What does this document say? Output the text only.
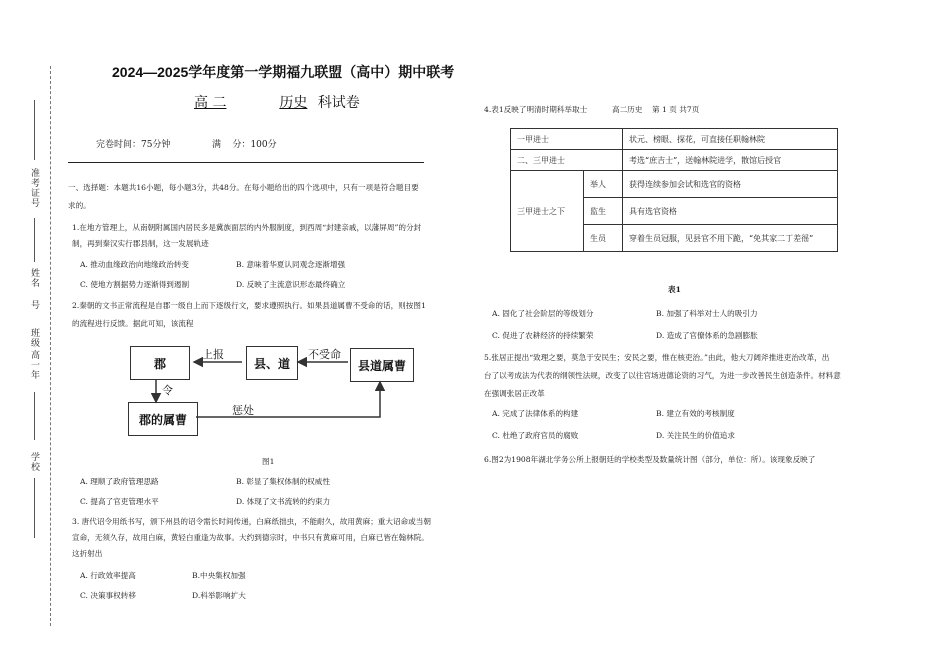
准考证号
姓名
班级
号
高一年
学校
2024—2025学年度第一学期福九联盟（高中）期中联考
高 二	历史 科试卷
完卷时间：75分钟	满    分：100分
一、选择题：本题共16小题，每小题3分，共48分。在每小题给出的四个选项中，只有一项是符合题目要
求的。
1.在地方管理上，从南朝附属国内居民多是冀族面层的内外服制度，到西周“封建亲戚，以藩屏周”的分封
制，再到秦汉实行郡县制，这一发展轨迹
A. 推动血缘政治向地缘政治转变	B. 意味着华夏认同观念逐渐增强
C. 使地方割据势力逐渐得到遏制	D. 反映了主流意识形态最终确立
2.秦朝的文书正常流程是自郡一级自上而下逐级行文，要求遵照执行。如果县道属曹不受命的话，则按图1
的流程进行反馈。据此可知，该流程
郡	县、道	县道属曹
郡的属曹
上报	不受命
令
惩处
图1
A. 理顺了政府管理思路	B. 彰显了集权体制的权威性
C. 提高了官吏管理水平	D. 体现了文书流转的约束力
3. 唐代诏令用纸书写，颁下州县的诏令需长时间传递，白麻纸拙虫，不能耐久，故用黄麻；重大诏命或当朝
宣命，无须久存，故用白麻，黄轻白重逢为故事。大约到德宗时，中书只有黄麻可用，白麻已皆在翰林院。
这折射出
A. 行政效率提高	B.中央集权加强
C. 决策事权转移	D.科举影响扩大
4.表1反映了明清时期科举取士	高二历史    第 1 页 共7页
一甲进士		状元、榜眼、探花，可直接任职翰林院
二、三甲进士		考选“庶吉士”，送翰林院进学，散馆后授官
三甲进士之下	举人	获得连续参加会试和选官的资格
	监生	具有选官资格
	生员	穿着生员冠服，见县官不用下跪，“免其家二丁差徭”
表1
A. 固化了社会阶层的等级划分	B. 加强了科举对士人的吸引力
C. 促进了农耕经济的持续繁荣	D. 造成了官僚体系的急剧膨胀
5.张居正提出“致理之要，莫急于安民生；安民之要，惟在核吏治。”由此，他大刀阔斧推进吏治改革，出
台了以考成法为代表的纲领性法规，改变了以往官场进德论资的习气，为进一步改善民生创造条件。材料意
在强调张居正改革
A. 完成了法律体系的构建	B. 建立有效的考核制度
C. 杜绝了政府官员的腐败	D. 关注民生的价值追求
6.图2为1908年湖北学务公所上报朝廷的学校类型及数量统计图（部分，单位：所）。该现象反映了
